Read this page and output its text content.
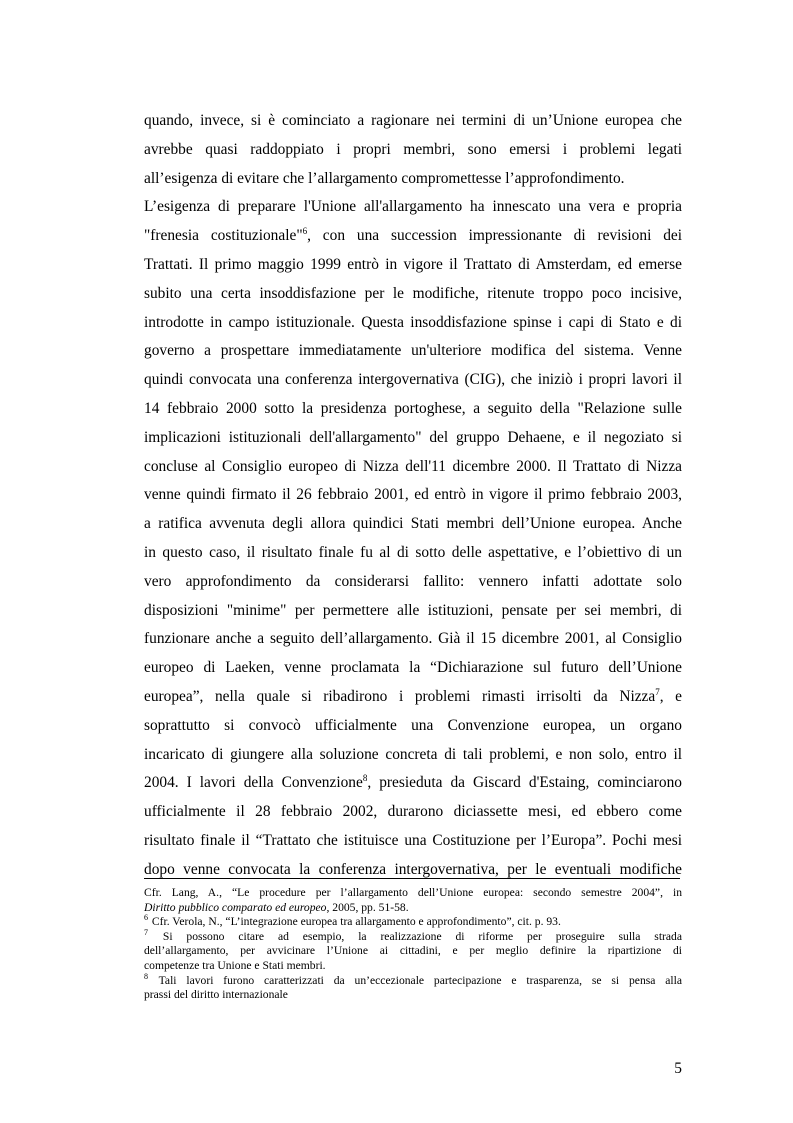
quando, invece, si è cominciato a ragionare nei termini di un’Unione europea che
avrebbe quasi raddoppiato i propri membri, sono emersi i problemi legati
all’esigenza di evitare che l’allargamento compromettesse l’approfondimento.
L’esigenza di preparare l'Unione all'allargamento ha innescato una vera e propria
"frenesia costituzionale"$^6$, con una succession impressionante di revisioni dei
Trattati. Il primo maggio 1999 entrò in vigore il Trattato di Amsterdam, ed emerse
subito una certa insoddisfazione per le modifiche, ritenute troppo poco incisive,
introdotte in campo istituzionale. Questa insoddisfazione spinse i capi di Stato e di
governo a prospettare immediatamente un'ulteriore modifica del sistema. Venne
quindi convocata una conferenza intergovernativa (CIG), che iniziò i propri lavori il
14 febbraio 2000 sotto la presidenza portoghese, a seguito della "Relazione sulle
implicazioni istituzionali dell'allargamento" del gruppo Dehaene, e il negoziato si
concluse al Consiglio europeo di Nizza dell'11 dicembre 2000. Il Trattato di Nizza
venne quindi firmato il 26 febbraio 2001, ed entrò in vigore il primo febbraio 2003,
a ratifica avvenuta degli allora quindici Stati membri dell’Unione europea. Anche
in questo caso, il risultato finale fu al di sotto delle aspettative, e l’obiettivo di un
vero approfondimento da considerarsi fallito: vennero infatti adottate solo
disposizioni "minime" per permettere alle istituzioni, pensate per sei membri, di
funzionare anche a seguito dell’allargamento. Già il 15 dicembre 2001, al Consiglio
europeo di Laeken, venne proclamata la “Dichiarazione sul futuro dell’Unione
europea”, nella quale si ribadirono i problemi rimasti irrisolti da Nizza$^7$, e
soprattutto si convocò ufficialmente una Convenzione europea, un organo
incaricato di giungere alla soluzione concreta di tali problemi, e non solo, entro il
2004. I lavori della Convenzione$^8$, presieduta da Giscard d'Estaing, cominciarono
ufficialmente il 28 febbraio 2002, durarono diciassette mesi, ed ebbero come
risultato finale il “Trattato che istituisce una Costituzione per l’Europa”. Pochi mesi
dopo venne convocata la conferenza intergovernativa, per le eventuali modifiche
Cfr. Lang, A., “Le procedure per l’allargamento dell’Unione europea: secondo semestre 2004”, in
Diritto pubblico comparato ed europeo, 2005, pp. 51-58.
$^6$ Cfr. Verola, N., “L’integrazione europea tra allargamento e approfondimento”, cit. p. 93.
$^7$ Si possono citare ad esempio, la realizzazione di riforme per proseguire sulla strada
dell’allargamento, per avvicinare l’Unione ai cittadini, e per meglio definire la ripartizione di
competenze tra Unione e Stati membri.
$^8$ Tali lavori furono caratterizzati da un’eccezionale partecipazione e trasparenza, se si pensa alla
prassi del diritto internazionale
5
